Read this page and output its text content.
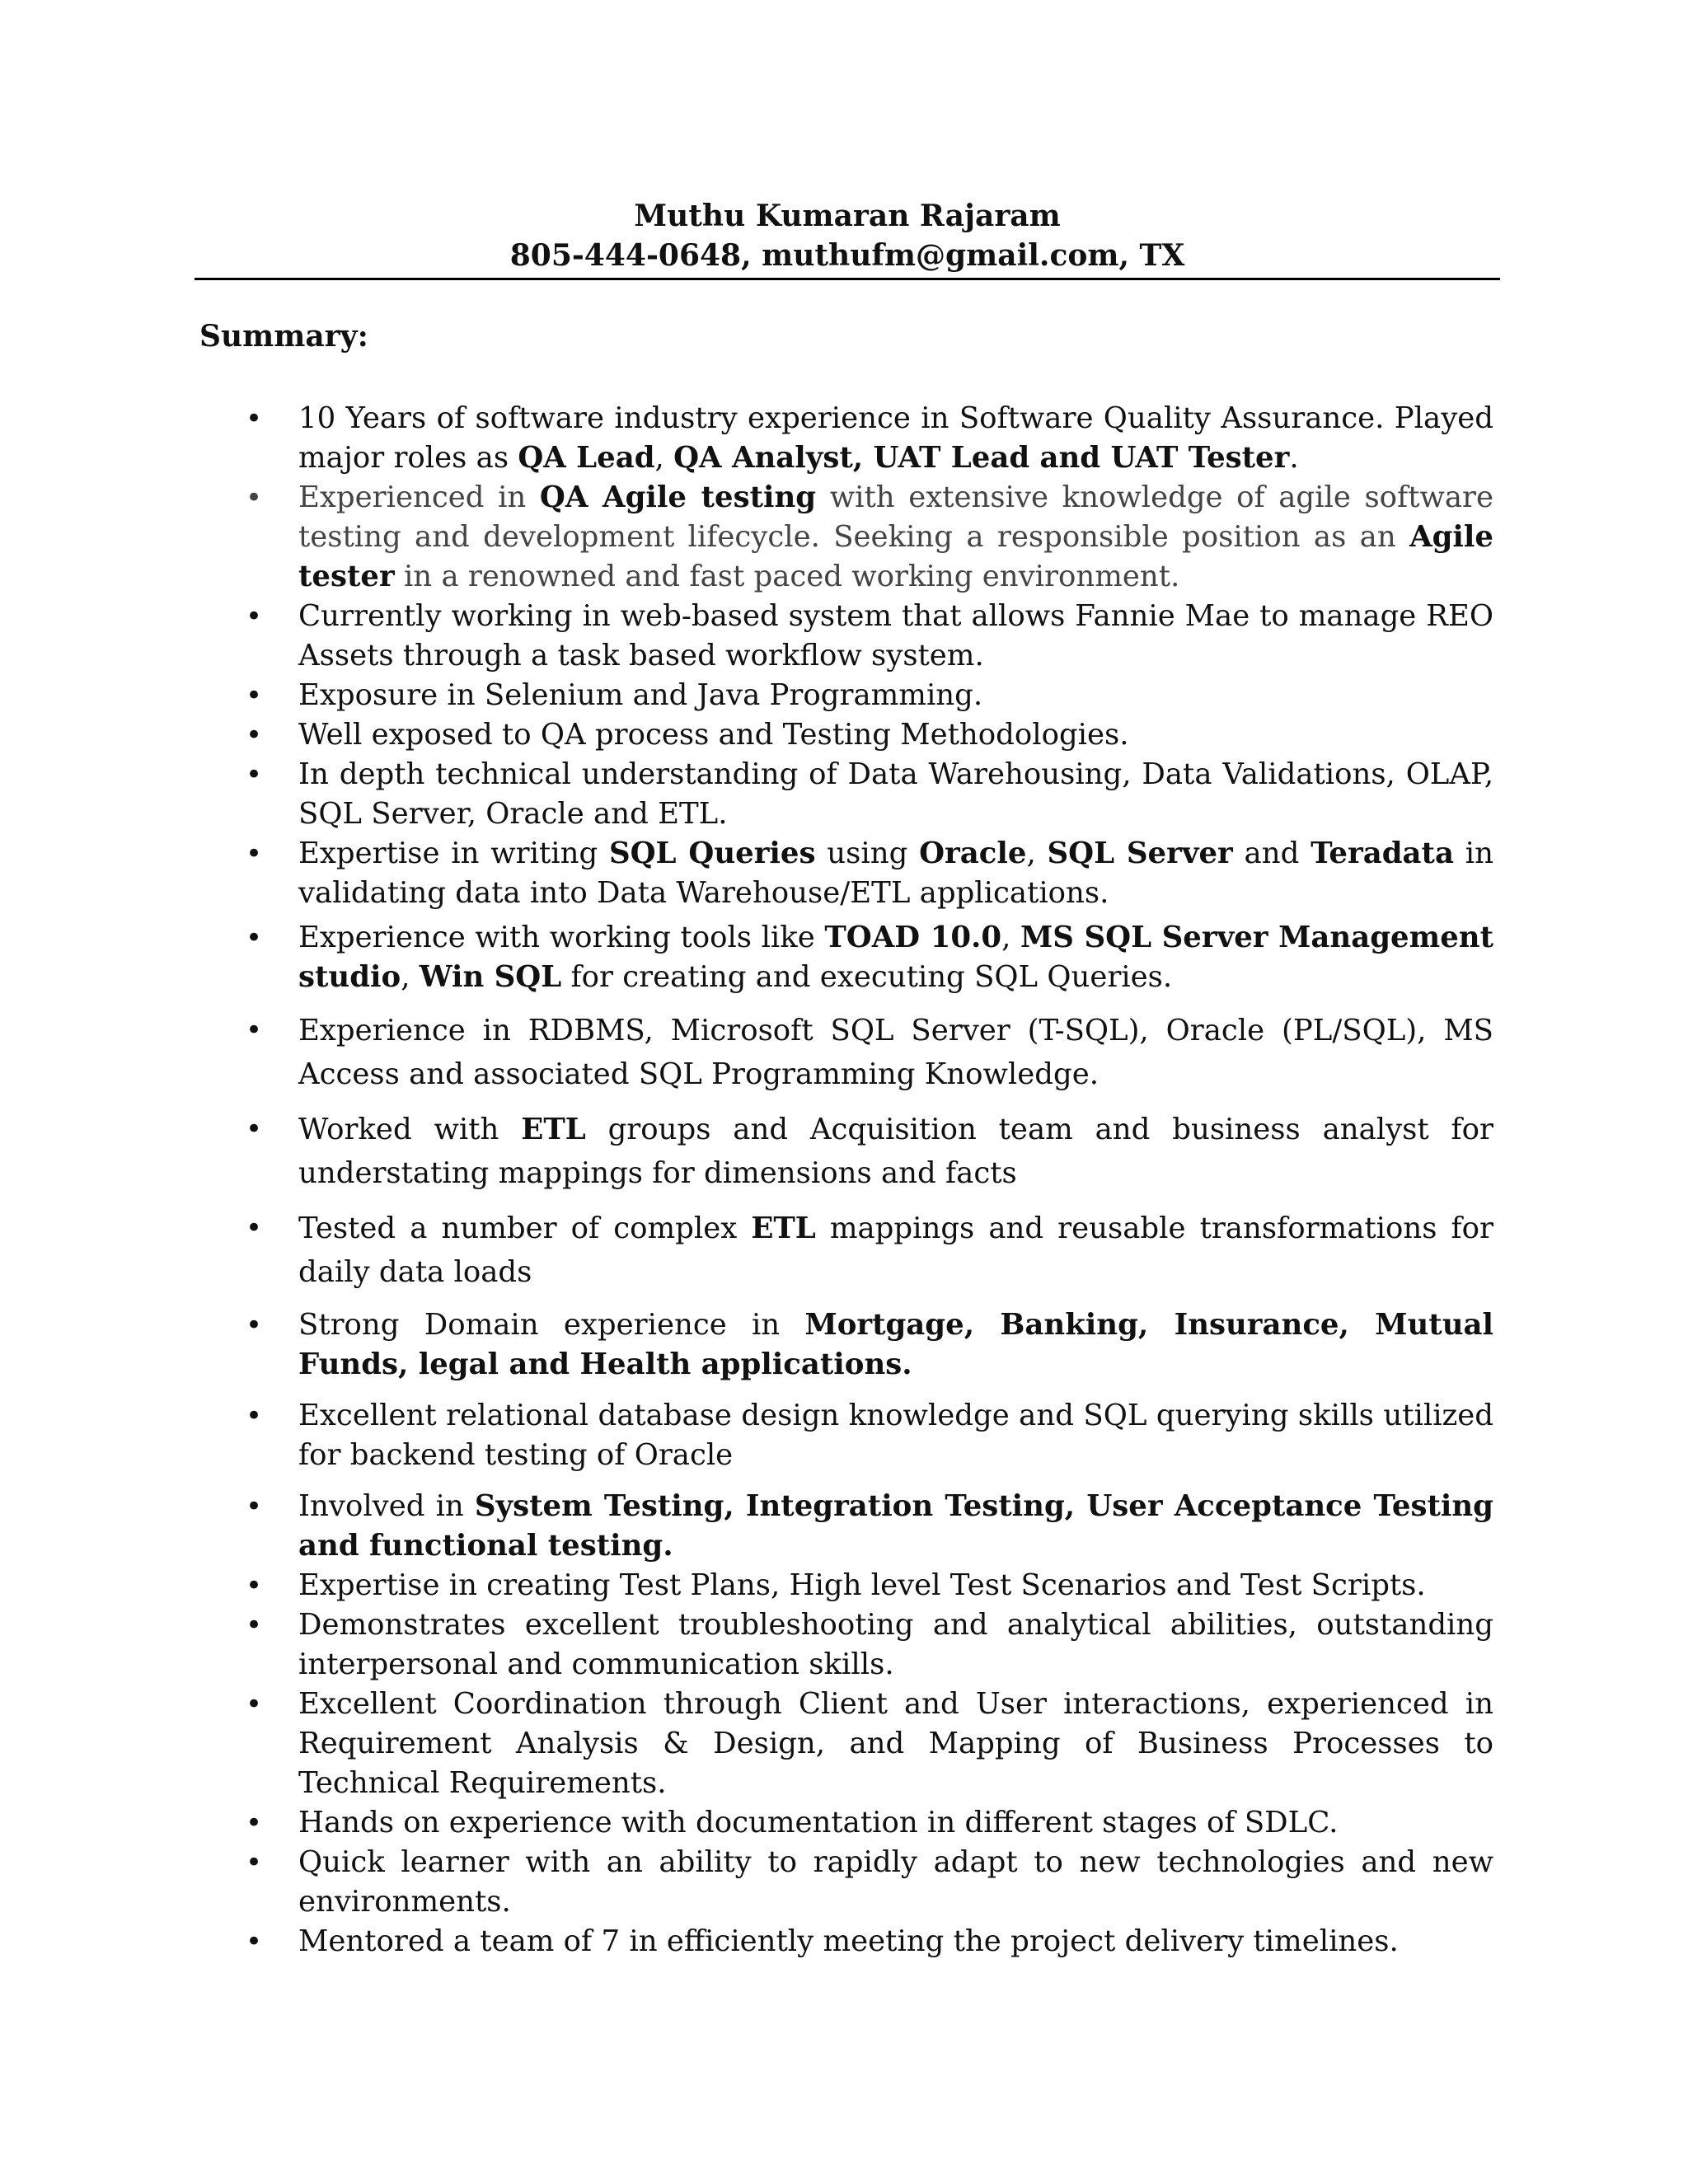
Muthu Kumaran Rajaram
805-444-0648, muthufm@gmail.com, TX
Summary:
• 10 Years of software industry experience in Software Quality Assurance. Played major roles as QA Lead, QA Analyst, UAT Lead and UAT Tester.
• Experienced in QA Agile testing with extensive knowledge of agile software testing and development lifecycle. Seeking a responsible position as an Agile tester in a renowned and fast paced working environment.
• Currently working in web-based system that allows Fannie Mae to manage REO Assets through a task based workflow system.
• Exposure in Selenium and Java Programming.
• Well exposed to QA process and Testing Methodologies.
• In depth technical understanding of Data Warehousing, Data Validations, OLAP, SQL Server, Oracle and ETL.
• Expertise in writing SQL Queries using Oracle, SQL Server and Teradata in validating data into Data Warehouse/ETL applications.
• Experience with working tools like TOAD 10.0, MS SQL Server Management studio, Win SQL for creating and executing SQL Queries.
• Experience in RDBMS, Microsoft SQL Server (T-SQL), Oracle (PL/SQL), MS Access and associated SQL Programming Knowledge.
• Worked with ETL groups and Acquisition team and business analyst for understating mappings for dimensions and facts
• Tested a number of complex ETL mappings and reusable transformations for daily data loads
• Strong Domain experience in Mortgage, Banking, Insurance, Mutual Funds, legal and Health applications.
• Excellent relational database design knowledge and SQL querying skills utilized for backend testing of Oracle
• Involved in System Testing, Integration Testing, User Acceptance Testing and functional testing.
• Expertise in creating Test Plans, High level Test Scenarios and Test Scripts.
• Demonstrates excellent troubleshooting and analytical abilities, outstanding interpersonal and communication skills.
• Excellent Coordination through Client and User interactions, experienced in Requirement Analysis & Design, and Mapping of Business Processes to Technical Requirements.
• Hands on experience with documentation in different stages of SDLC.
• Quick learner with an ability to rapidly adapt to new technologies and new environments.
• Mentored a team of 7 in efficiently meeting the project delivery timelines.
